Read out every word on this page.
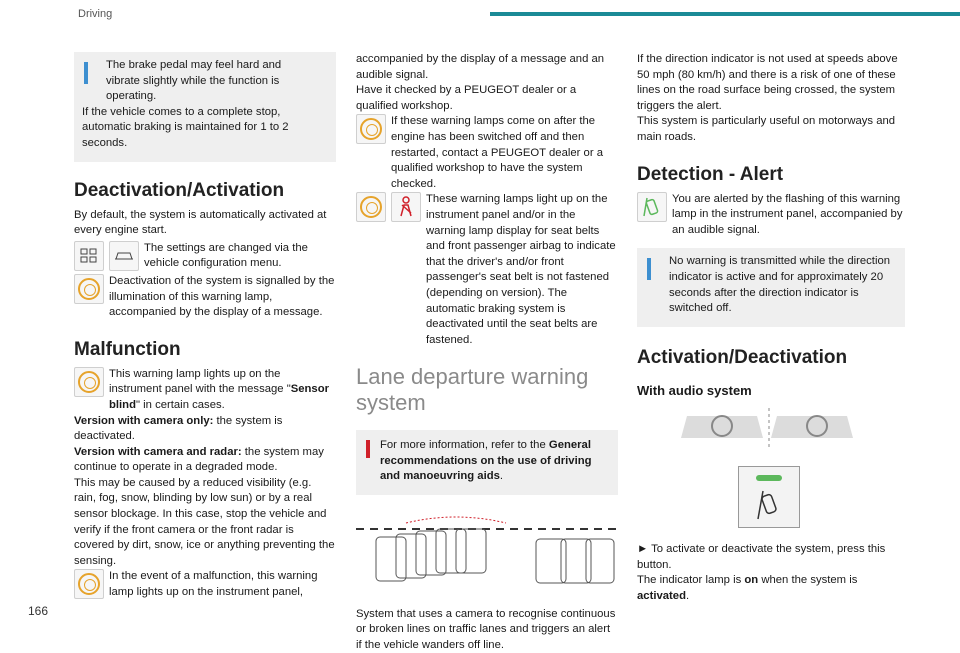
Driving
The brake pedal may feel hard and

vibrate slightly while the function is operating.

If the vehicle comes to a complete stop, automatic braking is maintained for 1 to 2 seconds.

Deactivation/Activation

By default, the system is automatically activated at every engine start.

The settings are changed via the vehicle configuration menu.

Deactivation of the system is signalled by the illumination of this warning lamp, accompanied by the display of a message.

Malfunction

This warning lamp lights up on the instrument panel with the message "Sensor blind" in certain cases.

Version with camera only: the system is deactivated.

Version with camera and radar: the system may continue to operate in a degraded mode.

This may be caused by a reduced visibility (e.g. rain, fog, snow, blinding by low sun) or by a real sensor blockage. In this case, stop the vehicle and verify if the front camera or the front radar is covered by dirt, snow, ice or anything preventing the sensing.

In the event of a malfunction, this warning lamp lights up on the instrument panel,

accompanied by the display of a message and an audible signal.

Have it checked by a PEUGEOT dealer or a qualified workshop.

If these warning lamps come on after the engine has been switched off and then restarted, contact a PEUGEOT dealer or a qualified workshop to have the system checked.

These warning lamps light up on the instrument panel and/or in the warning lamp display for seat belts and front passenger airbag to indicate that the driver's and/or front passenger's seat belt is not fastened (depending on version). The automatic braking system is deactivated until the seat belts are fastened.

Lane departure warning system

For more information, refer to the General recommendations on the use of driving and manoeuvring aids.

System that uses a camera to recognise continuous or broken lines on traffic lanes and triggers an alert if the vehicle wanders off line.

If the direction indicator is not used at speeds above 50 mph (80 km/h) and there is a risk of one of these lines on the road surface being crossed, the system triggers the alert.

This system is particularly useful on motorways and main roads.

Detection - Alert

You are alerted by the flashing of this warning lamp in the instrument panel, accompanied by an audible signal.

No warning is transmitted while the direction indicator is active and for approximately 20 seconds after the direction indicator is switched off.

Activation/Deactivation
With audio system

► To activate or deactivate the system, press this button.

The indicator lamp is on when the system is activated.

166
